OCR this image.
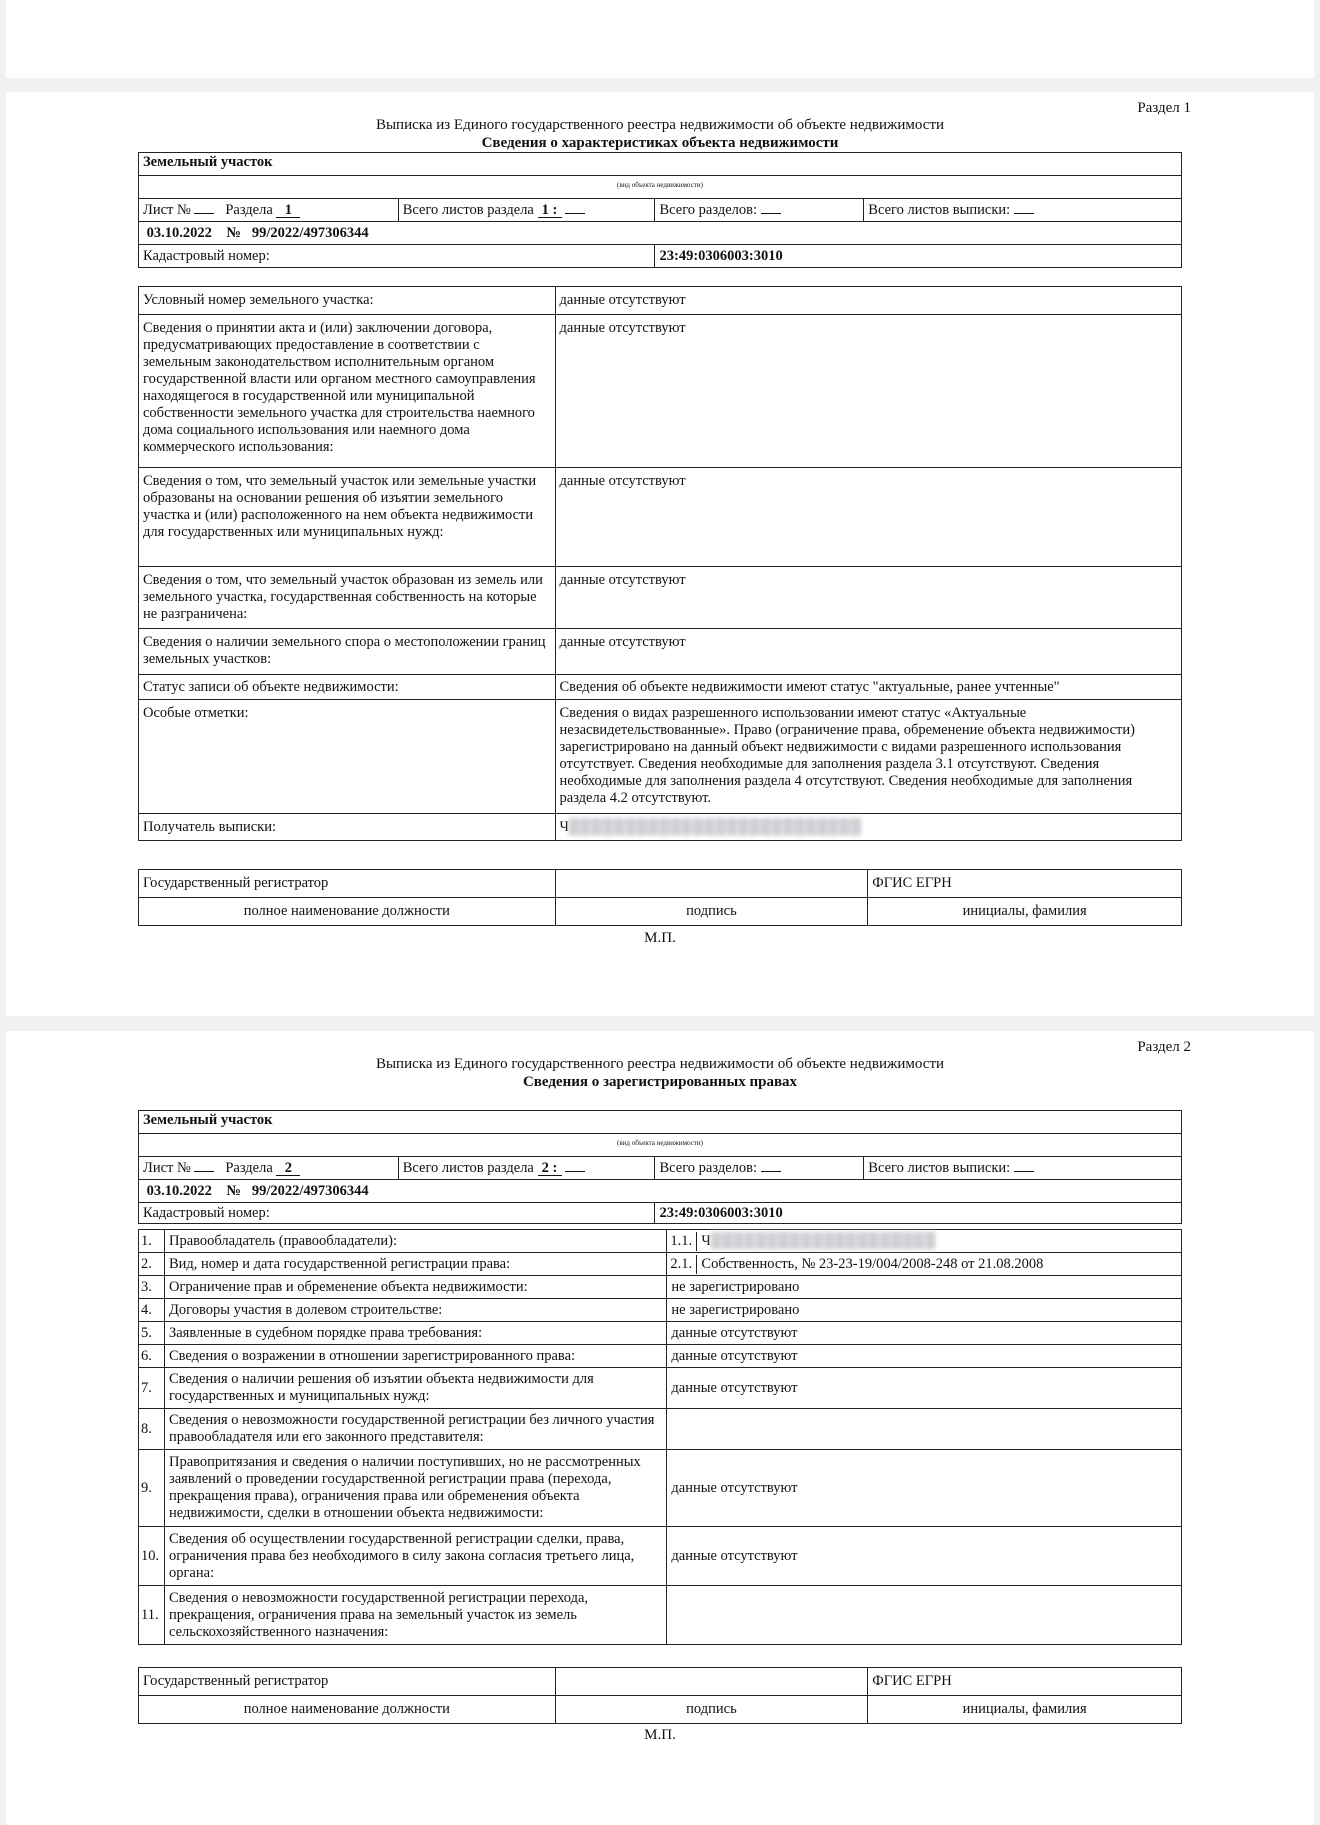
Раздел 1
Выписка из Единого государственного реестра недвижимости об объекте недвижимости
Сведения о характеристиках объекта недвижимости
Земельный участок			
(вид объекта недвижимости)			
Лист № Раздела 1	Всего листов раздела 1 :	Всего разделов:	Всего листов выписки:
03.10.2022 № 99/2022/497306344			
Кадастровый номер:		23:49:0306003:3010	
Условный номер земельного участка:	данные отсутствуют
Сведения о принятии акта и (или) заключении договора, предусматривающих предоставление в соответствии с земельным законодательством исполнительным органом государственной власти или органом местного самоуправления находящегося в государственной или муниципальной собственности земельного участка для строительства наемного дома социального использования или наемного дома коммерческого использования:	данные отсутствуют
Сведения о том, что земельный участок или земельные участки образованы на основании решения об изъятии земельного участка и (или) расположенного на нем объекта недвижимости для государственных или муниципальных нужд:	данные отсутствуют
Сведения о том, что земельный участок образован из земель или земельного участка, государственная собственность на которые не разграничена:	данные отсутствуют
Сведения о наличии земельного спора о местоположении границ земельных участков:	данные отсутствуют
Статус записи об объекте недвижимости:	Сведения об объекте недвижимости имеют статус "актуальные, ранее учтенные"
Особые отметки:	Сведения о видах разрешенного использовании имеют статус «Актуальные незасвидетельствованные». Право (ограничение права, обременение объекта недвижимости) зарегистрировано на данный объект недвижимости с видами разрешенного использования отсутствует. Сведения необходимые для заполнения раздела 3.1 отсутствуют. Сведения необходимые для заполнения раздела 4 отсутствуют. Сведения необходимые для заполнения раздела 4.2 отсутствуют.
Получатель выписки:	Ч██████████████████████████
Государственный регистратор		ФГИС ЕГРН
полное наименование должности	подпись	инициалы, фамилия
М.П.
Раздел 2
Выписка из Единого государственного реестра недвижимости об объекте недвижимости
Сведения о зарегистрированных правах
Земельный участок			
(вид объекта недвижимости)			
Лист № Раздела 2	Всего листов раздела 2 :	Всего разделов:	Всего листов выписки:
03.10.2022 № 99/2022/497306344			
Кадастровый номер:		23:49:0306003:3010	
1.	Правообладатель (правообладатели):	1.1. Ч████████████████████
2.	Вид, номер и дата государственной регистрации права:	2.1. Собственность, № 23-23-19/004/2008-248 от 21.08.2008
3.	Ограничение прав и обременение объекта недвижимости:	не зарегистрировано
4.	Договоры участия в долевом строительстве:	не зарегистрировано
5.	Заявленные в судебном порядке права требования:	данные отсутствуют
6.	Сведения о возражении в отношении зарегистрированного права:	данные отсутствуют
7.	Сведения о наличии решения об изъятии объекта недвижимости для государственных и муниципальных нужд:	данные отсутствуют
8.	Сведения о невозможности государственной регистрации без личного участия правообладателя или его законного представителя:	
9.	Правопритязания и сведения о наличии поступивших, но не рассмотренных заявлений о проведении государственной регистрации права (перехода, прекращения права), ограничения права или обременения объекта недвижимости, сделки в отношении объекта недвижимости:	данные отсутствуют
10.	Сведения об осуществлении государственной регистрации сделки, права, ограничения права без необходимого в силу закона согласия третьего лица, органа:	данные отсутствуют
11.	Сведения о невозможности государственной регистрации перехода, прекращения, ограничения права на земельный участок из земель сельскохозяйственного назначения:	
Государственный регистратор		ФГИС ЕГРН
полное наименование должности	подпись	инициалы, фамилия
М.П.
